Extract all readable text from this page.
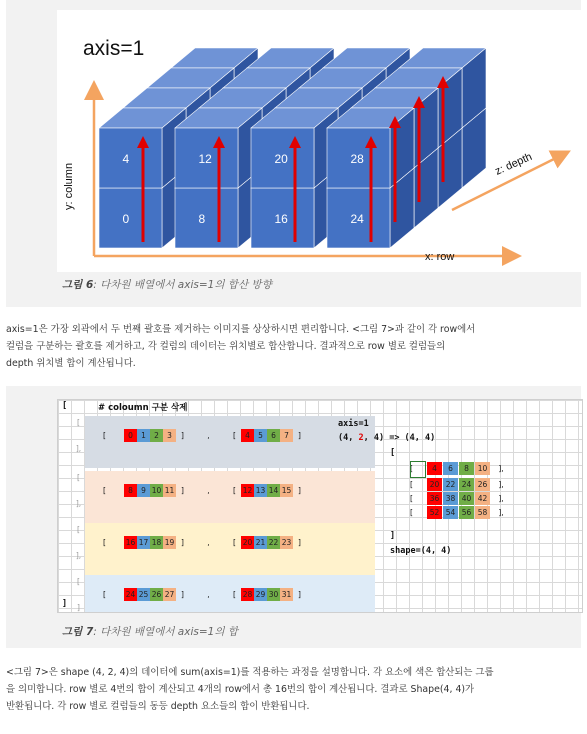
0	8	16	24
4	12	20	28
axis=1
y: column
x: row
z: depth
그림 6: 다차원 배열에서 axis=1의 합산 방향
axis=1은 가장 외곽에서 두 번째 괄호를 제거하는 이미지를 상상하시면 편리합니다. <그림 7>과 같이 각 row에서
컬럼을 구분하는 괄호를 제거하고, 각 컬럼의 데이터는 위치별로 합산합니다. 결과적으로 row 별로 컬럼들의
depth 위치별 합이 계산됩니다.
[	# coloumn 구분 삭제
[
],
[	0	1	2	3	]	,	[	4	5	6	7	]
[
],
[	8	9 10 11 ]	,	[ 12 13 14 15 ]
[
],
[	16 17 18 19 ]	,	[ 20 21 22 23 ]
[
]
[	24 25 26 27 ]	,	[ 28 29 30 31 ]
[	4	6	8	10	],
[	20 22 24 26	],
[	36 38 40 42	],
[	52 54 56 58	],
axis=1
(4, 2, 4) => (4, 4)
[
]
shape=(4, 4)
]
그림 7: 다차원 배열에서 axis=1의 합
<그림 7>은 shape (4, 2, 4)의 데이터에 sum(axis=1)를 적용하는 과정을 설명합니다. 각 요소에 색은 합산되는 그룹
을 의미합니다. row 별로 4번의 합이 계산되고 4개의 row에서 총 16번의 합이 계산됩니다. 결과로 Shape(4, 4)가
반환됩니다. 각 row 별로 컬럼들의 동등 depth 요소들의 합이 반환됩니다.
